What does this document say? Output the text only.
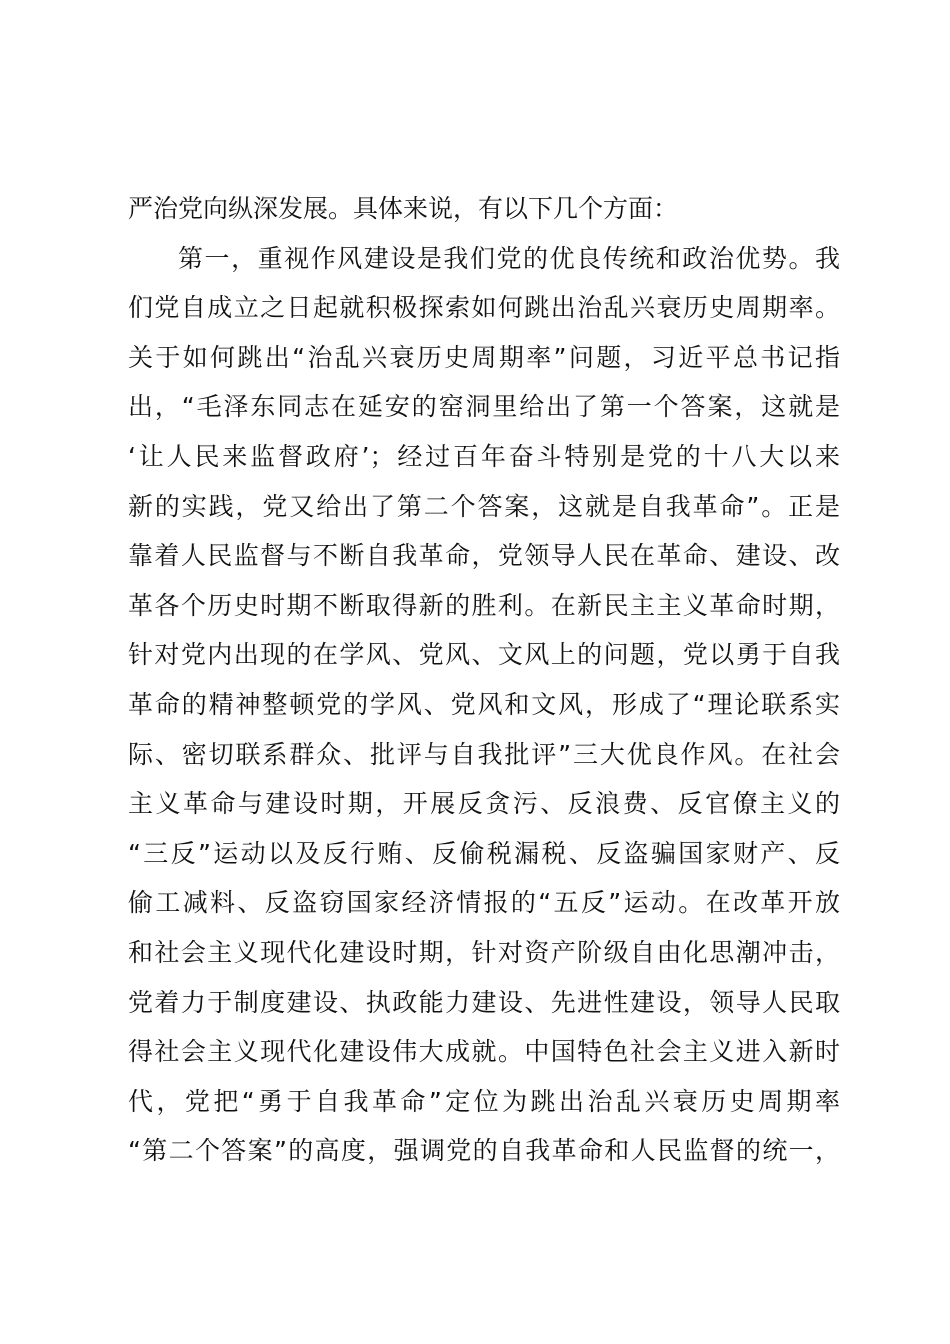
严治党向纵深发展。具体来说，有以下几个方面：
第一，重视作风建设是我们党的优良传统和政治优势。我
们党自成立之日起就积极探索如何跳出治乱兴衰历史周期率。
关于如何跳出“治乱兴衰历史周期率”问题，习近平总书记指
出，“毛泽东同志在延安的窑洞里给出了第一个答案，这就是
‘让人民来监督政府’；经过百年奋斗特别是党的十八大以来
新的实践，党又给出了第二个答案，这就是自我革命”。正是
靠着人民监督与不断自我革命，党领导人民在革命、建设、改
革各个历史时期不断取得新的胜利。在新民主主义革命时期，
针对党内出现的在学风、党风、文风上的问题，党以勇于自我
革命的精神整顿党的学风、党风和文风，形成了“理论联系实
际、密切联系群众、批评与自我批评”三大优良作风。在社会
主义革命与建设时期，开展反贪污、反浪费、反官僚主义的
“三反”运动以及反行贿、反偷税漏税、反盗骗国家财产、反
偷工减料、反盗窃国家经济情报的“五反”运动。在改革开放
和社会主义现代化建设时期，针对资产阶级自由化思潮冲击，
党着力于制度建设、执政能力建设、先进性建设，领导人民取
得社会主义现代化建设伟大成就。中国特色社会主义进入新时
代，党把“勇于自我革命”定位为跳出治乱兴衰历史周期率
“第二个答案”的高度，强调党的自我革命和人民监督的统一，
